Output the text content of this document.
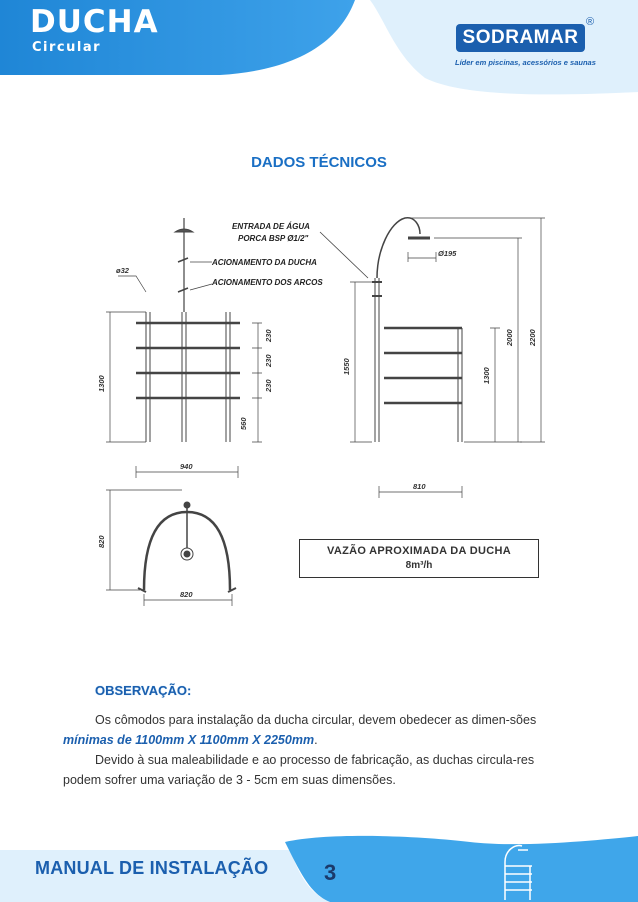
DUCHA
Circular	SODRAMAR
®
Líder em piscinas, acessórios e saunas
DADOS TÉCNICOS
ENTRADA DE ÁGUA
PORCA BSP Ø1/2"
ACIONAMENTO DA DUCHA
ACIONAMENTO DOS ARCOS
ø32
Ø195
1300
230
230
230
560
940
820
820
1550
1300
2000 2200
810
VAZÃO APROXIMADA DA DUCHA
8m³/h
OBSERVAÇÃO:
Os cômodos para instalação da ducha circular, devem obedecer as dimen-sões mínimas de 1100mm X 1100mm X 2250mm.
Devido à sua maleabilidade e ao processo de fabricação, as duchas circula-res podem sofrer uma variação de 3 - 5cm em suas dimensões.
MANUAL DE INSTALAÇÃO	3
